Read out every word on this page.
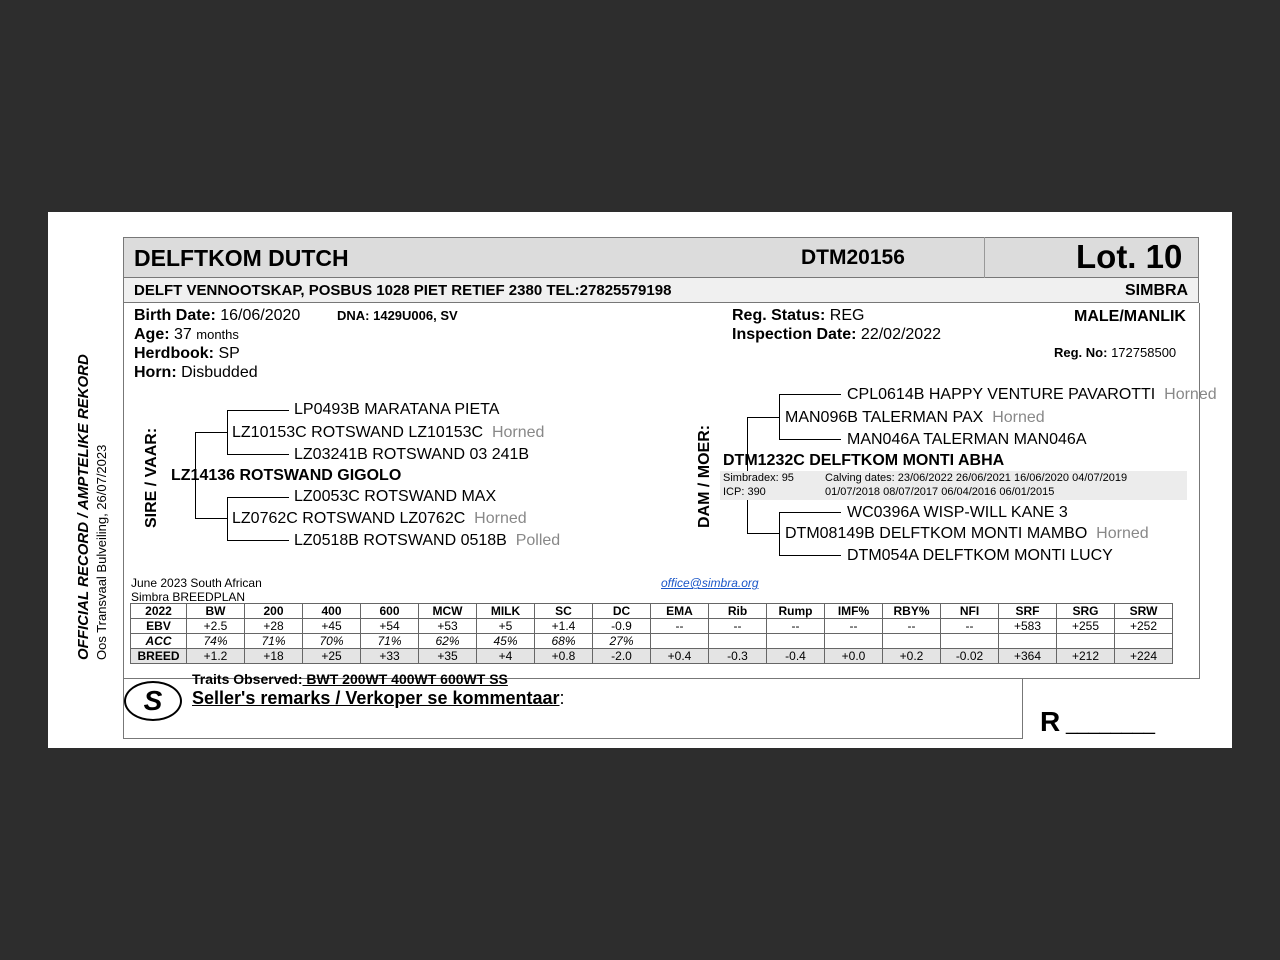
OFFICIAL RECORD / AMPTELIKE REKORD Oos Transvaal Bulveiling, 26/07/2023
DELFTKOM DUTCH	DTM20156	Lot. 10
DELFT VENNOOTSKAP, POSBUS 1028 PIET RETIEF 2380 TEL:27825579198	SIMBRA
Birth Date: 16/06/2020	DNA: 1429U006, SV
Age: 37 months
Herdbook: SP
Horn: Disbudded
Reg. Status: REG
Inspection Date: 22/02/2022
MALE/MANLIK
Reg. No: 172758500
SIRE / VAAR:
LP0493B MARATANA PIETA
LZ10153C ROTSWAND LZ10153C Horned
LZ03241B ROTSWAND 03 241B
LZ14136 ROTSWAND GIGOLO
LZ0053C ROTSWAND MAX
LZ0762C ROTSWAND LZ0762C Horned
LZ0518B ROTSWAND 0518B Polled
DAM / MOER:
CPL0614B HAPPY VENTURE PAVAROTTI Horned
MAN096B TALERMAN PAX Horned
MAN046A TALERMAN MAN046A
DTM1232C DELFTKOM MONTI ABHA
Simbradex: 95
ICP: 390
Calving dates: 23/06/2022 26/06/2021 16/06/2020 04/07/2019
01/07/2018 08/07/2017 06/04/2016 06/01/2015
WC0396A WISP-WILL KANE 3
DTM08149B DELFTKOM MONTI MAMBO Horned
DTM054A DELFTKOM MONTI LUCY
June 2023 South African
Simbra BREEDPLAN
office@simbra.org
2022	BW	200	400	600	MCW	MILK	SC	DC	EMA	Rib	Rump	IMF%	RBY%	NFI	SRF	SRG	SRW
EBV	+2.5	+28	+45	+54	+53	+5	+1.4	-0.9	--	--	--	--	--	--	+583	+255	+252
ACC	74%	71%	70%	71%	62%	45%	68%	27%									
BREED	+1.2	+18	+25	+33	+35	+4	+0.8	-2.0	+0.4	-0.3	-0.4	+0.0	+0.2	-0.02	+364	+212	+224
S
Traits Observed: BWT 200WT 400WT 600WT SS
Seller's remarks / Verkoper se kommentaar:
R ________
